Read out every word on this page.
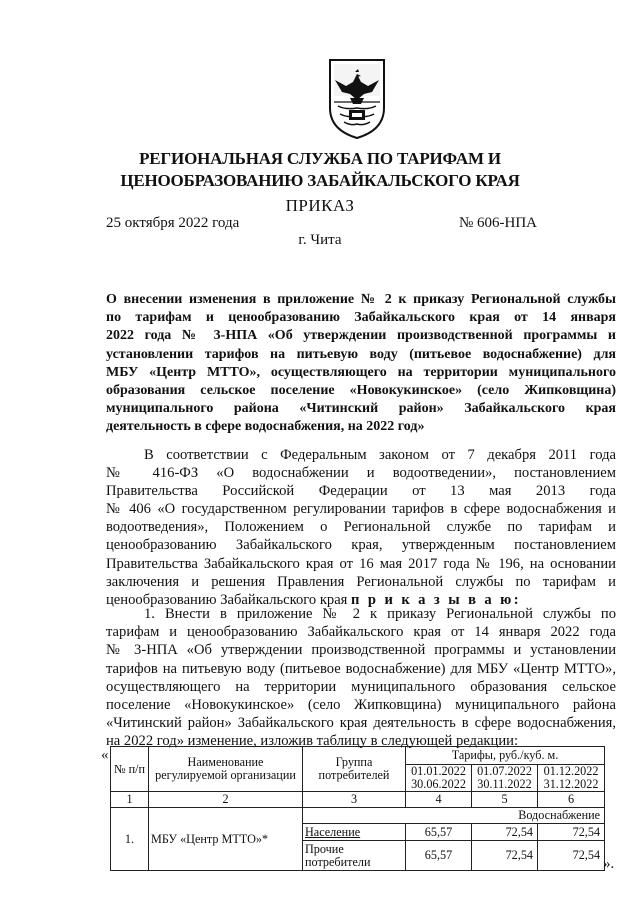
РЕГИОНАЛЬНАЯ СЛУЖБА ПО ТАРИФАМ И
ЦЕНООБРАЗОВАНИЮ ЗАБАЙКАЛЬСКОГО КРАЯ
ПРИКАЗ
25 октября 2022 года	№ 606-НПА
г. Чита
О внесении изменения в приложение № 2 к приказу Региональной службы
по тарифам и ценообразованию Забайкальского края от 14 января
2022 года № 3-НПА «Об утверждении производственной программы и
установлении тарифов на питьевую воду (питьевое водоснабжение) для
МБУ «Центр МТТО», осуществляющего на территории муниципального
образования сельское поселение «Новокукинское» (село Жипковщина)
муниципального района «Читинский район» Забайкальского края
деятельность в сфере водоснабжения, на 2022 год»
В соответствии с Федеральным законом от 7 декабря 2011 года
№ 416-ФЗ «О водоснабжении и водоотведении», постановлением
Правительства Российской Федерации от 13 мая 2013 года
№ 406 «О государственном регулировании тарифов в сфере водоснабжения и
водоотведения», Положением о Региональной службе по тарифам и
ценообразованию Забайкальского края, утвержденным постановлением
Правительства Забайкальского края от 16 мая 2017 года № 196, на основании
заключения и решения Правления Региональной службы по тарифам и
ценообразованию Забайкальского края п р и к а з ы в а ю:
1. Внести в приложение № 2 к приказу Региональной службы по
тарифам и ценообразованию Забайкальского края от 14 января 2022 года
№ 3-НПА «Об утверждении производственной программы и установлении
тарифов на питьевую воду (питьевое водоснабжение) для МБУ «Центр МТТО»,
осуществляющего на территории муниципального образования сельское
поселение «Новокукинское» (село Жипковщина) муниципального района
«Читинский район» Забайкальского края деятельность в сфере водоснабжения,
на 2022 год» изменение, изложив таблицу в следующей редакции:
«
№ п/п	Наименование регулируемой организации	Группа потребителей	Тарифы, руб./куб. м.		
			01.01.2022 30.06.2022	01.07.2022 30.11.2022	01.12.2022 31.12.2022
1	2	3	4	5	6
1.	МБУ «Центр МТТО»*	Водоснабжение			
		Население	65,57	72,54	72,54
		Прочие потребители	65,57	72,54	72,54
».
